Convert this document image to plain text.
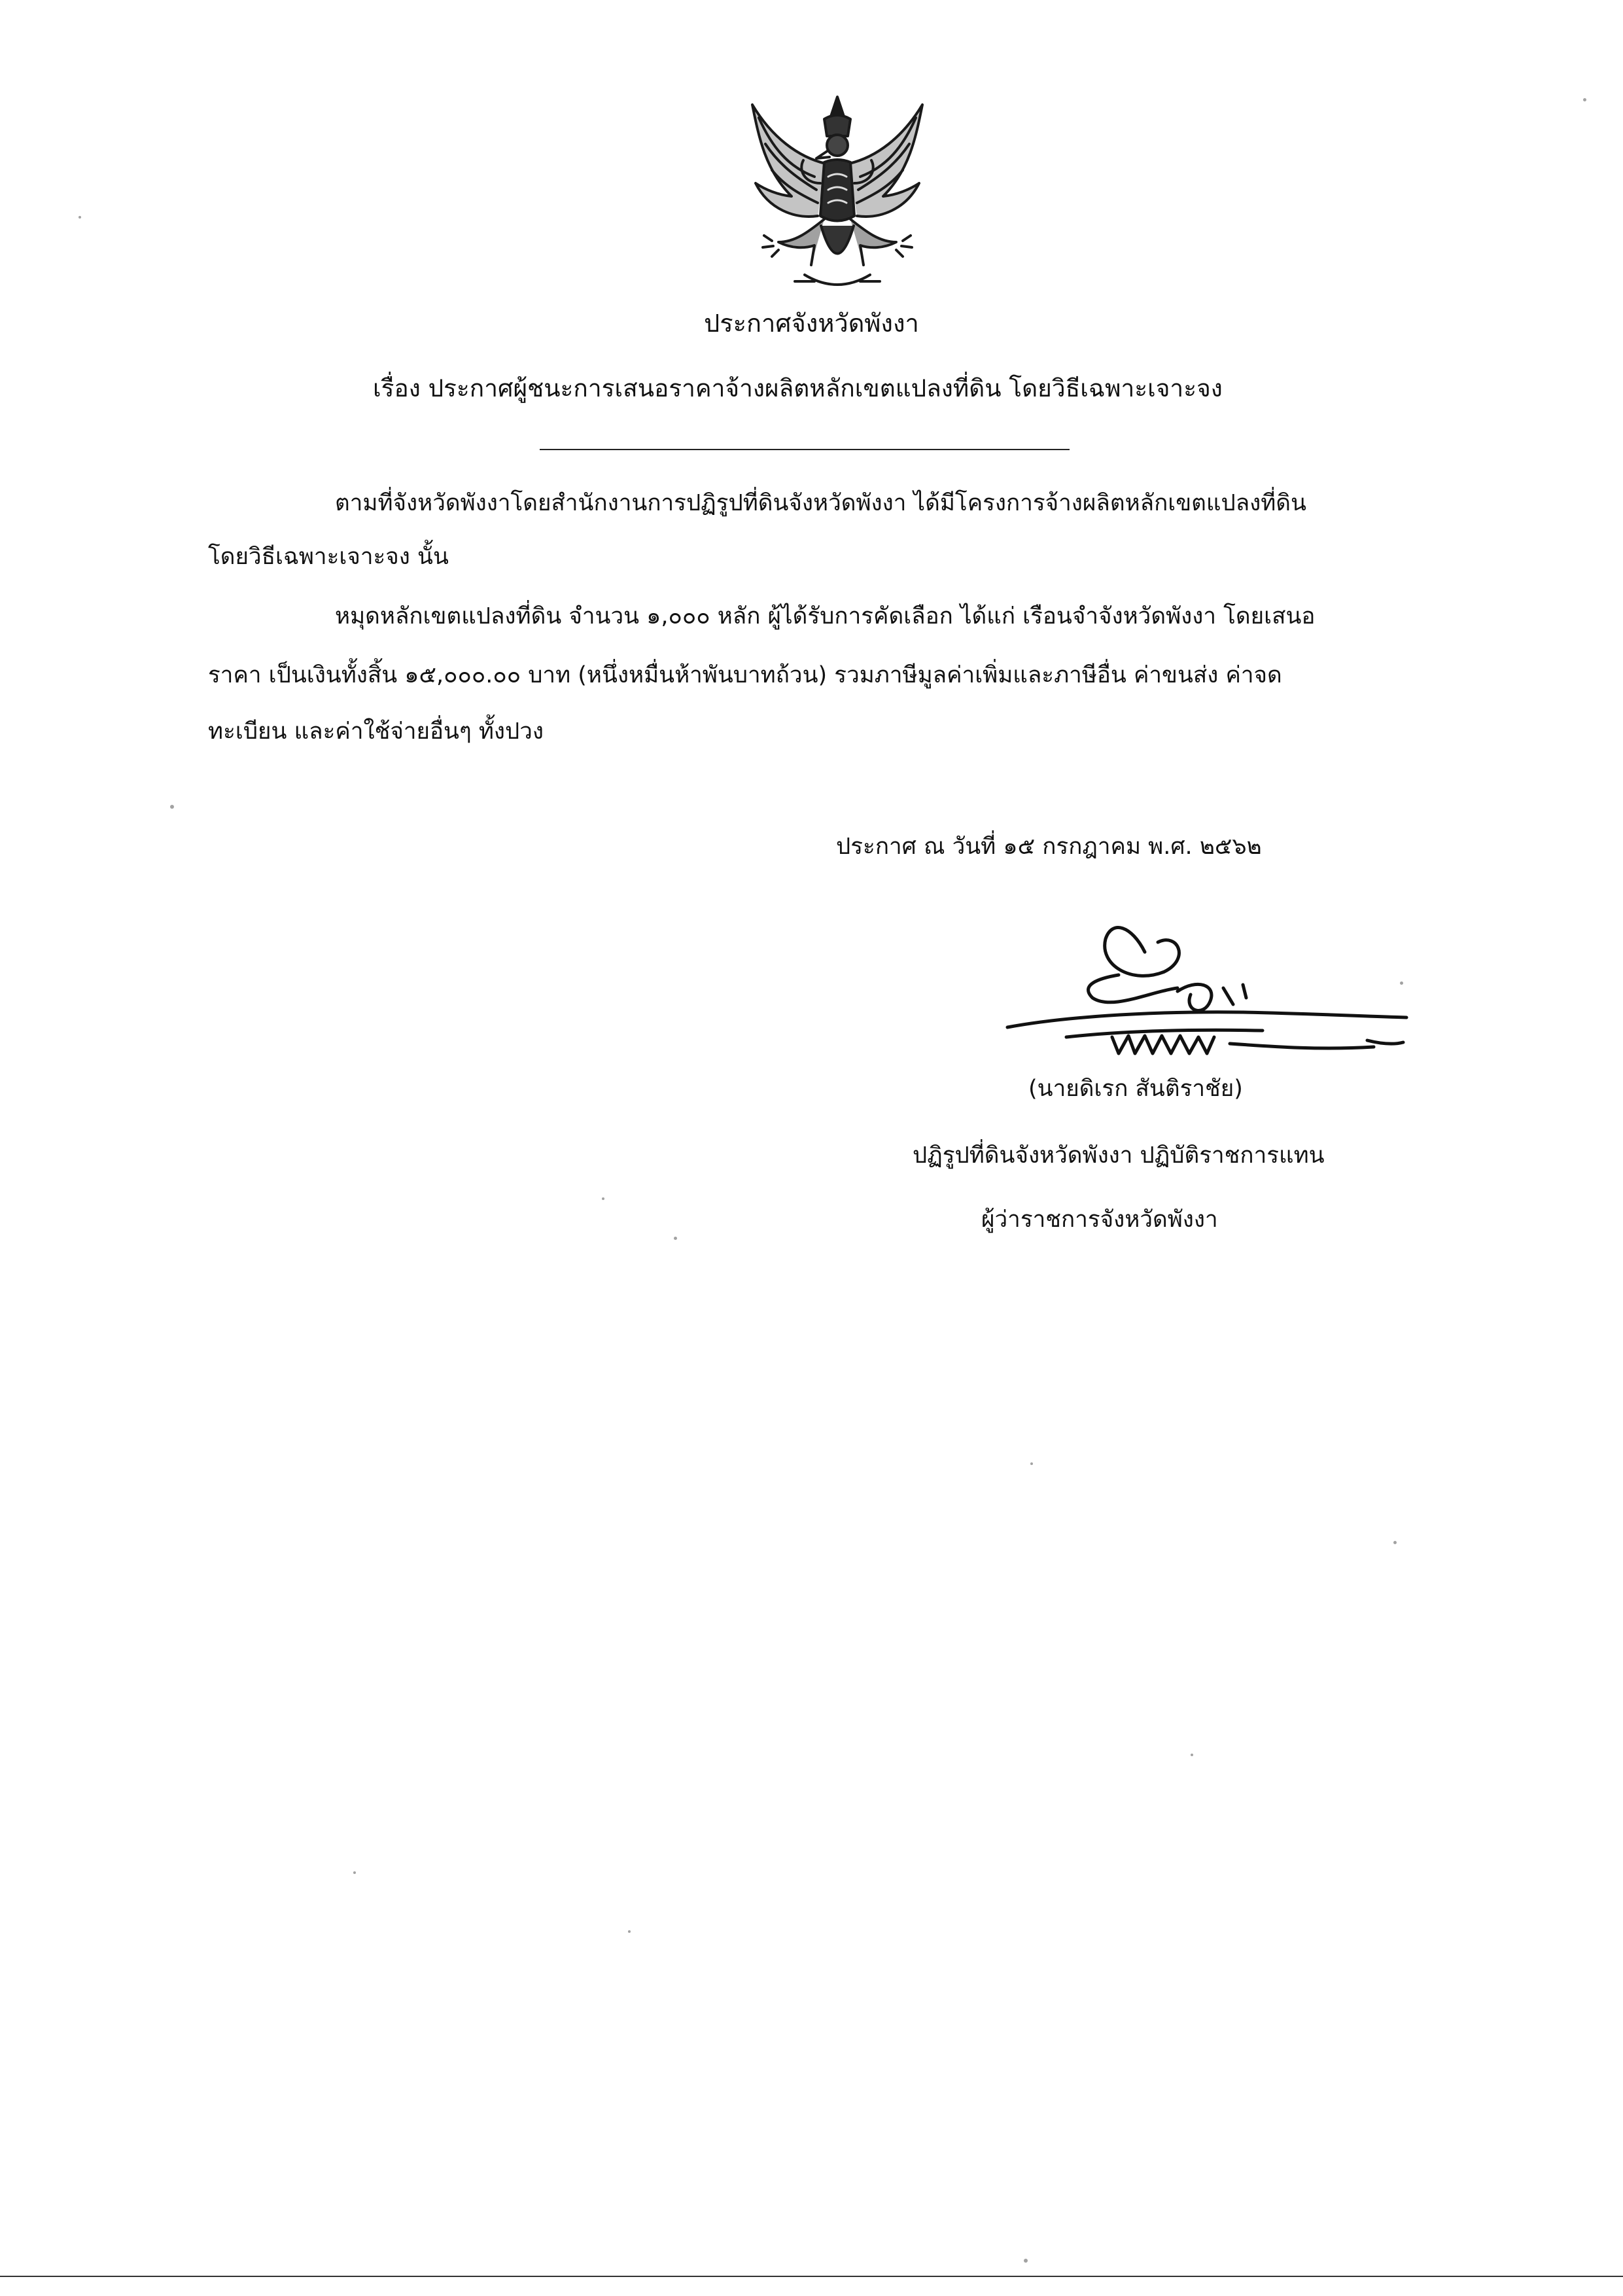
ประกาศจังหวัดพังงา
เรื่อง ประกาศผู้ชนะการเสนอราคาจ้างผลิตหลักเขตแปลงที่ดิน โดยวิธีเฉพาะเจาะจง
ตามที่จังหวัดพังงาโดยสำนักงานการปฏิรูปที่ดินจังหวัดพังงา ได้มีโครงการจ้างผลิตหลักเขตแปลงที่ดิน
โดยวิธีเฉพาะเจาะจง นั้น
หมุดหลักเขตแปลงที่ดิน จำนวน ๑,๐๐๐ หลัก ผู้ได้รับการคัดเลือก ได้แก่ เรือนจำจังหวัดพังงา โดยเสนอ
ราคา เป็นเงินทั้งสิ้น ๑๕,๐๐๐.๐๐ บาท (หนึ่งหมื่นห้าพันบาทถ้วน) รวมภาษีมูลค่าเพิ่มและภาษีอื่น ค่าขนส่ง ค่าจด
ทะเบียน และค่าใช้จ่ายอื่นๆ ทั้งปวง
ประกาศ ณ วันที่ ๑๕ กรกฎาคม พ.ศ. ๒๕๖๒
(นายดิเรก สันติราชัย)
ปฏิรูปที่ดินจังหวัดพังงา ปฏิบัติราชการแทน
ผู้ว่าราชการจังหวัดพังงา
